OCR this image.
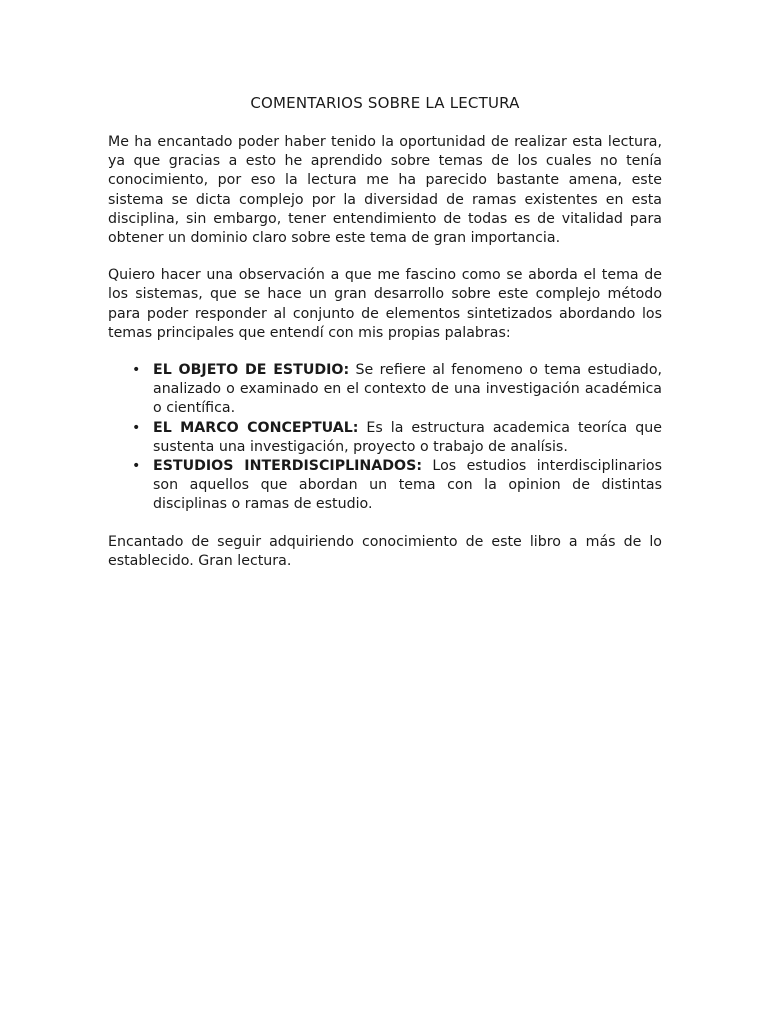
COMENTARIOS SOBRE LA LECTURA

Me ha encantado poder haber tenido la oportunidad de realizar esta lectura, ya que gracias a esto he aprendido sobre temas de los cuales no tenía conocimiento, por eso la lectura me ha parecido bastante amena, este sistema se dicta complejo por la diversidad de ramas existentes en esta disciplina, sin embargo, tener entendimiento de todas es de vitalidad para obtener un dominio claro sobre este tema de gran importancia.

Quiero hacer una observación a que me fascino como se aborda el tema de los sistemas, que se hace un gran desarrollo sobre este complejo método para poder responder al conjunto de elementos sintetizados abordando los temas principales que entendí con mis propias palabras:

• EL OBJETO DE ESTUDIO: Se refiere al fenomeno o tema estudiado, analizado o examinado en el contexto de una investigación académica o científica.
• EL MARCO CONCEPTUAL: Es la estructura academica teoríca que sustenta una investigación, proyecto o trabajo de analísis.
• ESTUDIOS INTERDISCIPLINADOS: Los estudios interdisciplinarios son aquellos que abordan un tema con la opinion de distintas disciplinas o ramas de estudio.

Encantado de seguir adquiriendo conocimiento de este libro a más de lo establecido. Gran lectura.
